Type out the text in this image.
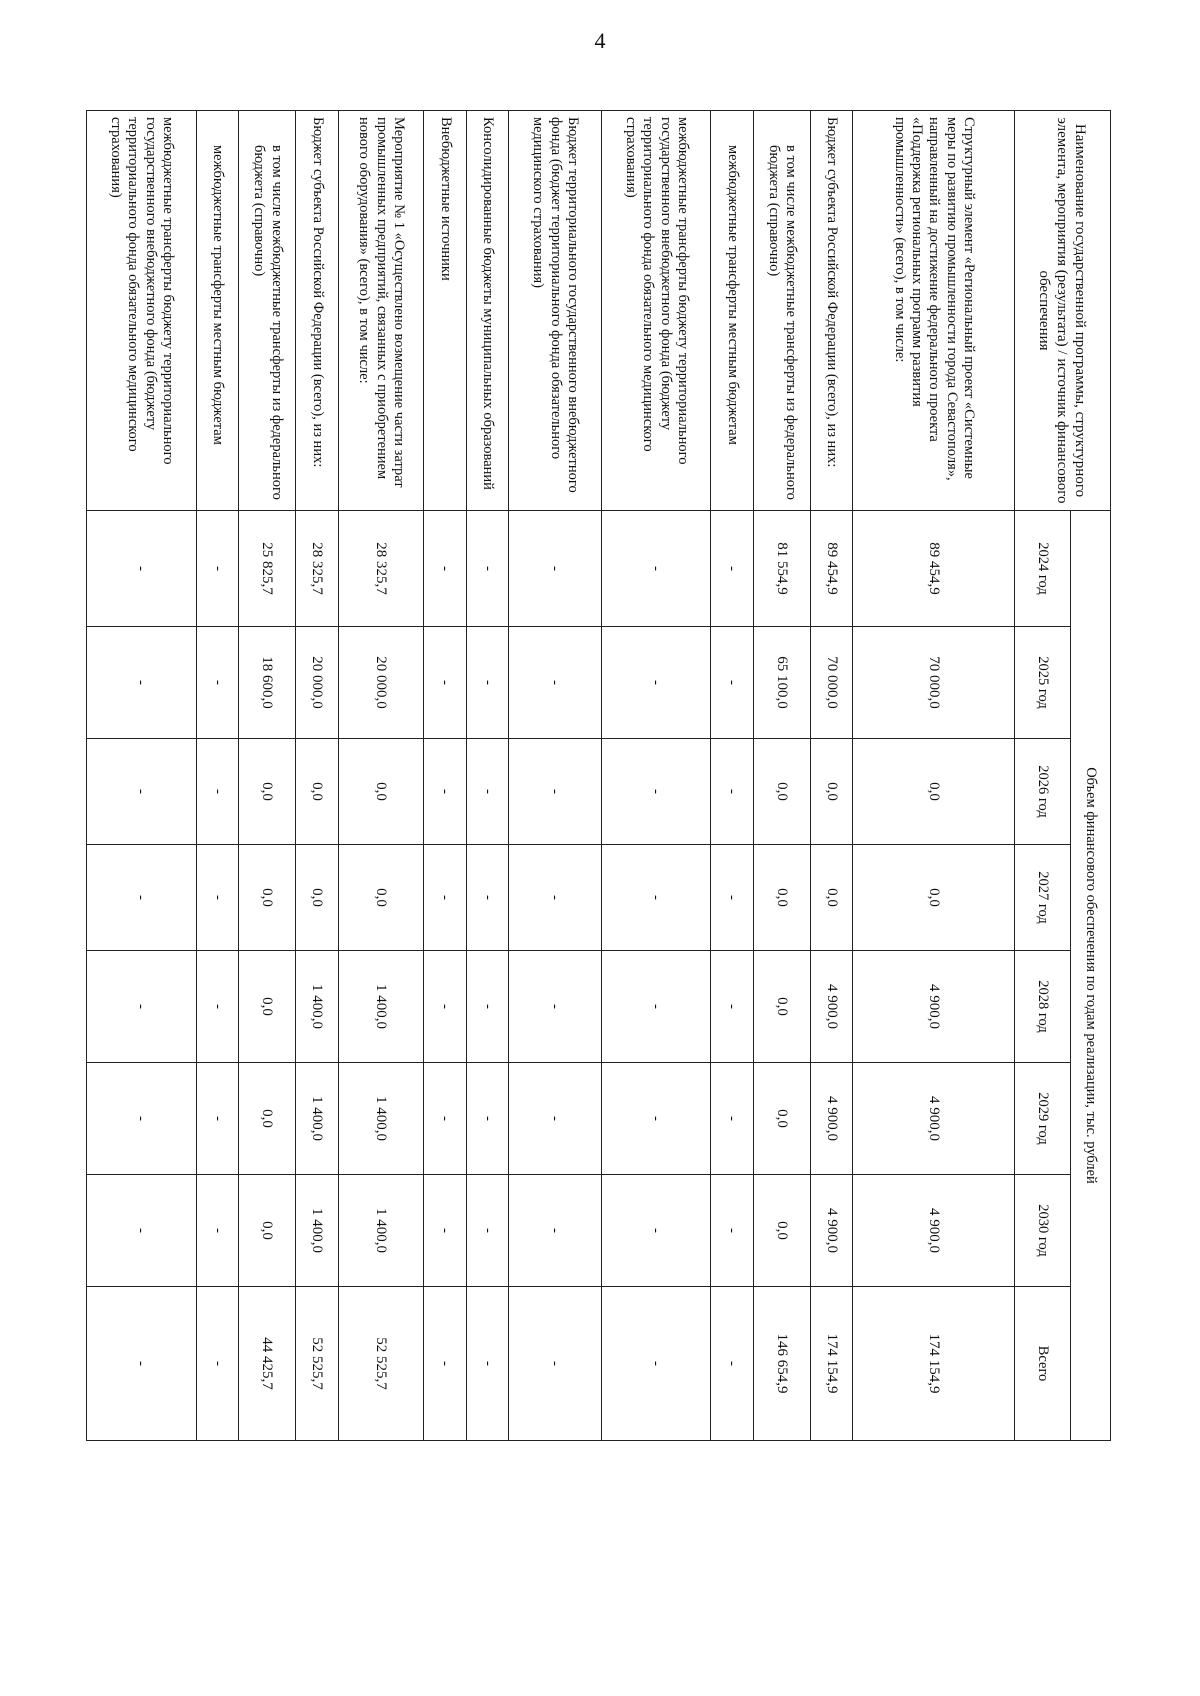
4
Наименование государственной программы, структурного элемента, мероприятия (результата) / источник финансового обеспечения	Объем финансового обеспечения по годам реализации, тыс. рублей							
	2024 год	2025 год	2026 год	2027 год	2028 год	2029 год	2030 год	Всего
Структурный элемент «Региональный проект «Системные меры по развитию промышленности города Севастополя», направленный на достижение федерального проекта «Поддержка региональных программ развития промышленности» (всего), в том числе:	89 454,9	70 000,0	0,0	0,0	4 900,0	4 900,0	4 900,0	174 154,9
Бюджет субъекта Российской Федерации (всего), из них:	89 454,9	70 000,0	0,0	0,0	4 900,0	4 900,0	4 900,0	174 154,9
в том числе межбюджетные трансферты из федерального бюджета (справочно)	81 554,9	65 100,0	0,0	0,0	0,0	0,0	0,0	146 654,9
межбюджетные трансферты местным бюджетам	-	-	-	-	-	-	-	-
межбюджетные трансферты бюджету территориального государственного внебюджетного фонда (бюджету территориального фонда обязательного медицинского страхования)	-	-	-	-	-	-	-	-
Бюджет территориального государственного внебюджетного фонда (бюджет территориального фонда обязательного медицинского страхования)	-	-	-	-	-	-	-	-
Консолидированные бюджеты муниципальных образований	-	-	-	-	-	-	-	-
Внебюджетные источники	-	-	-	-	-	-	-	-
Мероприятие № 1 «Осуществлено возмещение части затрат промышленных предприятий, связанных с приобретением нового оборудования» (всего), в том числе:	28 325,7	20 000,0	0,0	0,0	1 400,0	1 400,0	1 400,0	52 525,7
Бюджет субъекта Российской Федерации (всего), из них:	28 325,7	20 000,0	0,0	0,0	1 400,0	1 400,0	1 400,0	52 525,7
в том числе межбюджетные трансферты из федерального бюджета (справочно)	25 825,7	18 600,0	0,0	0,0	0,0	0,0	0,0	44 425,7
межбюджетные трансферты местным бюджетам	-	-	-	-	-	-	-	-
межбюджетные трансферты бюджету территориального государственного внебюджетного фонда (бюджету территориального фонда обязательного медицинского страхования)	-	-	-	-	-	-	-	-
